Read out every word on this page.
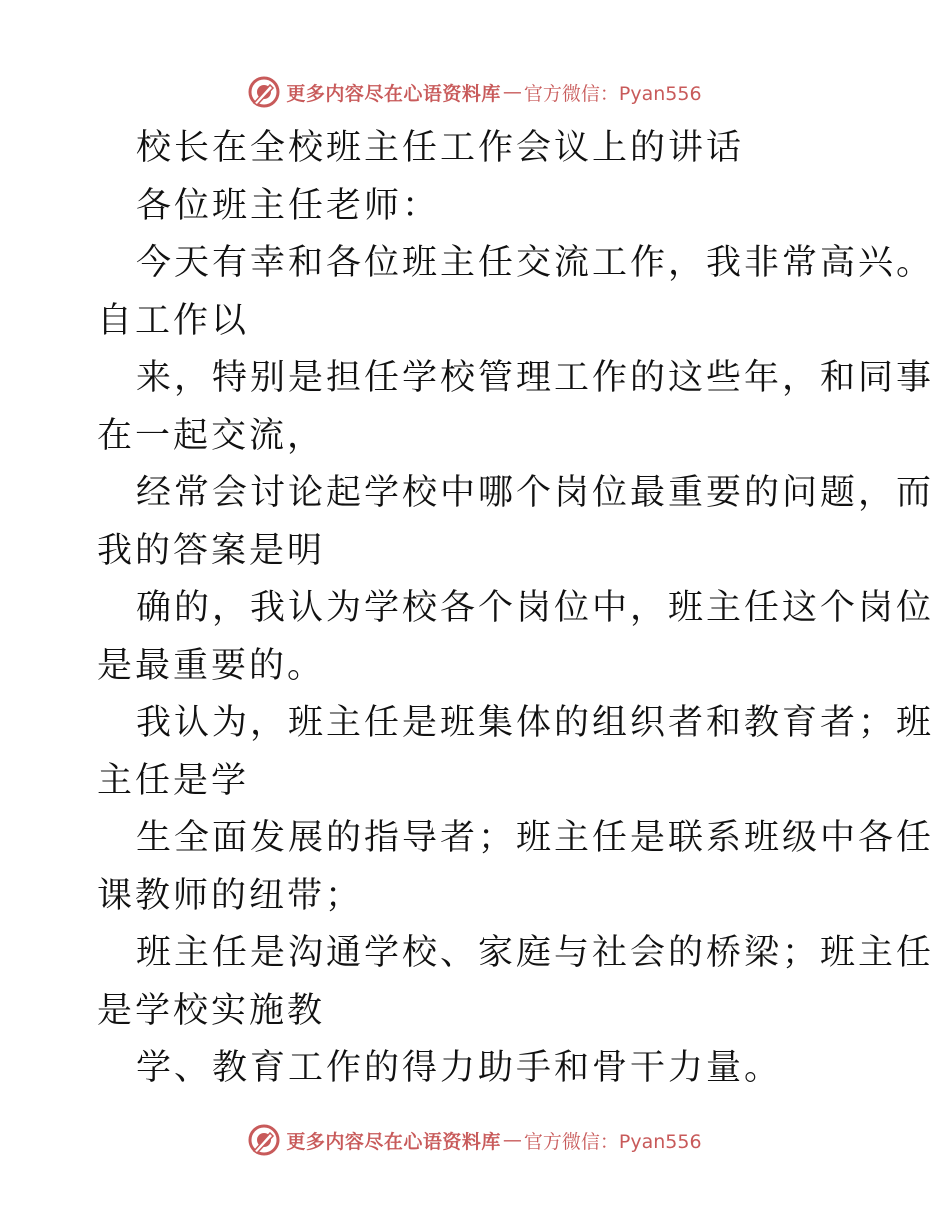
更多内容尽在心语资料库 — 官方微信：Pyan556

校长在全校班主任工作会议上的讲话

各位班主任老师：

今天有幸和各位班主任交流工作，我非常高兴。

自工作以

来，特别是担任学校管理工作的这些年，和同事

在一起交流，

经常会讨论起学校中哪个岗位最重要的问题，而

我的答案是明

确的，我认为学校各个岗位中，班主任这个岗位

是最重要的。

我认为，班主任是班集体的组织者和教育者；班

主任是学

生全面发展的指导者；班主任是联系班级中各任

课教师的纽带；

班主任是沟通学校、家庭与社会的桥梁；班主任

是学校实施教

学、教育工作的得力助手和骨干力量。

更多内容尽在心语资料库 — 官方微信：Pyan556
